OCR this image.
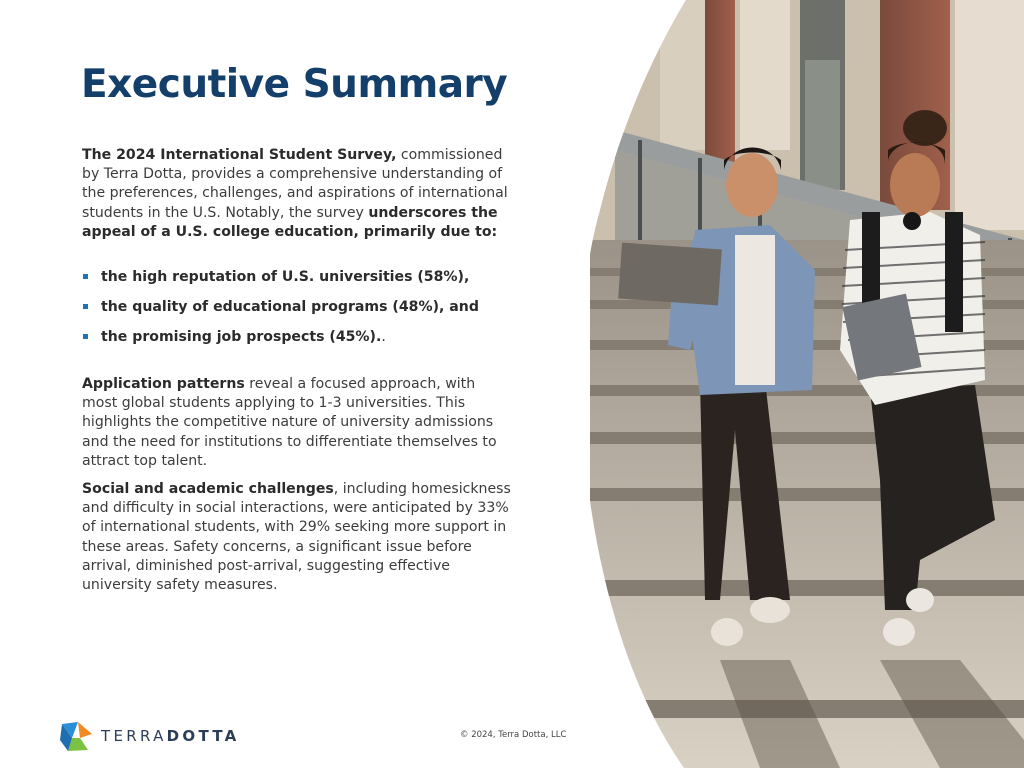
Executive Summary
The 2024 International Student Survey, commissioned by Terra Dotta, provides a comprehensive understanding of the preferences, challenges, and aspirations of international students in the U.S. Notably, the survey underscores the appeal of a U.S. college education, primarily due to:
the high reputation of U.S. universities (58%),
the quality of educational programs (48%), and
the promising job prospects (45%)..
Application patterns reveal a focused approach, with most global students applying to 1-3 universities. This highlights the competitive nature of university admissions and the need for institutions to differentiate themselves to attract top talent.
Social and academic challenges, including homesickness and difficulty in social interactions, were anticipated by 33% of international students, with 29% seeking more support in these areas. Safety concerns, a significant issue before arrival, diminished post-arrival, suggesting effective university safety measures.
TERRADOTTA	© 2024, Terra Dotta, LLC
